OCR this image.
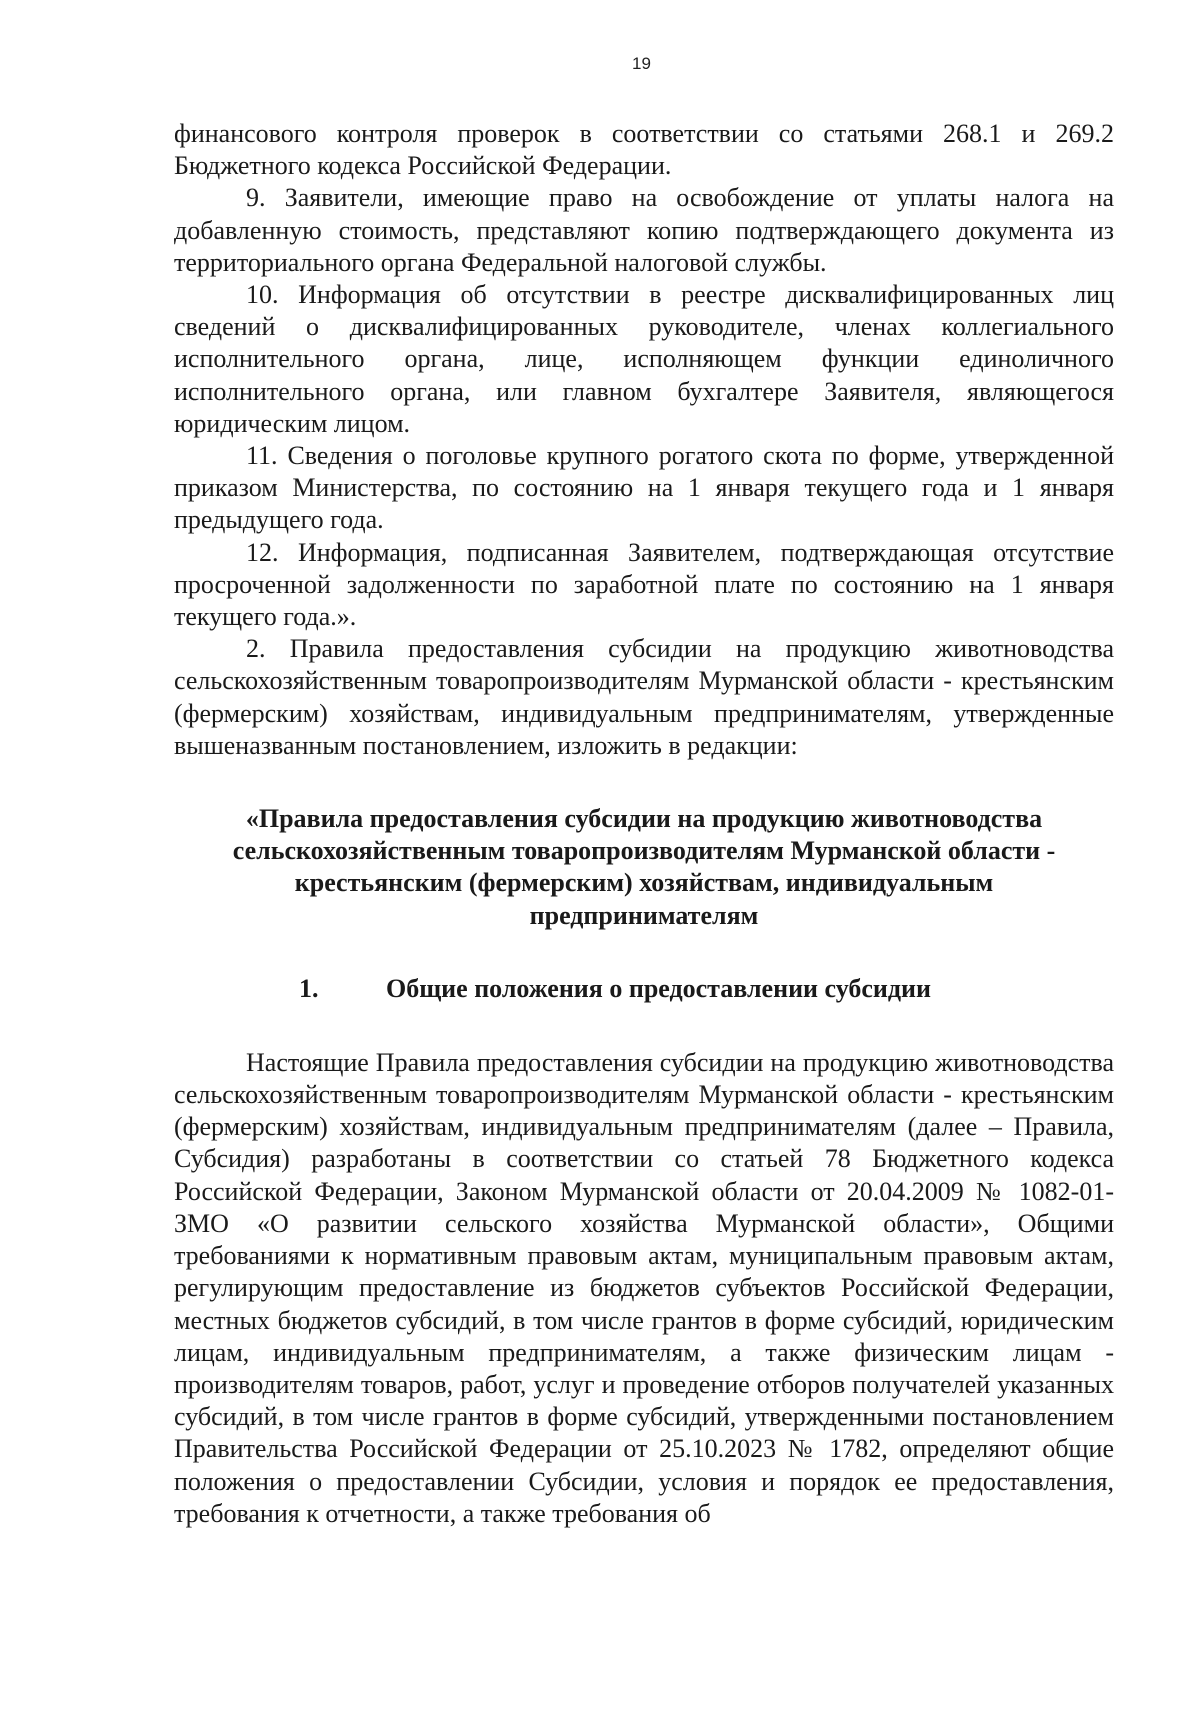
19

финансового контроля проверок в соответствии со статьями 268.1 и 269.2 Бюджетного кодекса Российской Федерации.

9. Заявители, имеющие право на освобождение от уплаты налога на добавленную стоимость, представляют копию подтверждающего документа из территориального органа Федеральной налоговой службы.

10. Информация об отсутствии в реестре дисквалифицированных лиц сведений о дисквалифицированных руководителе, членах коллегиального исполнительного органа, лице, исполняющем функции единоличного исполнительного органа, или главном бухгалтере Заявителя, являющегося юридическим лицом.

11. Сведения о поголовье крупного рогатого скота по форме, утвержденной приказом Министерства, по состоянию на 1 января текущего года и 1 января предыдущего года.

12. Информация, подписанная Заявителем, подтверждающая отсутствие просроченной задолженности по заработной плате по состоянию на 1 января текущего года.».

2. Правила предоставления субсидии на продукцию животноводства сельскохозяйственным товаропроизводителям Мурманской области - крестьянским (фермерским) хозяйствам, индивидуальным предпринимателям, утвержденные вышеназванным постановлением, изложить в редакции:

«Правила предоставления субсидии на продукцию животноводства
сельскохозяйственным товаропроизводителям Мурманской области -
крестьянским (фермерским) хозяйствам, индивидуальным
предпринимателям
1.	Общие положения о предоставлении субсидии

Настоящие Правила предоставления субсидии на продукцию животноводства сельскохозяйственным товаропроизводителям Мурманской области - крестьянским (фермерским) хозяйствам, индивидуальным предпринимателям (далее – Правила, Субсидия) разработаны в соответствии со статьей 78 Бюджетного кодекса Российской Федерации, Законом Мурманской области от 20.04.2009 № 1082-01-ЗМО «О развитии сельского хозяйства Мурманской области», Общими требованиями к нормативным правовым актам, муниципальным правовым актам, регулирующим предоставление из бюджетов субъектов Российской Федерации, местных бюджетов субсидий, в том числе грантов в форме субсидий, юридическим лицам, индивидуальным предпринимателям, а также физическим лицам - производителям товаров, работ, услуг и проведение отборов получателей указанных субсидий, в том числе грантов в форме субсидий, утвержденными постановлением Правительства Российской Федерации от 25.10.2023 № 1782, определяют общие положения о предоставлении Субсидии, условия и порядок ее предоставления, требования к отчетности, а также требования об
